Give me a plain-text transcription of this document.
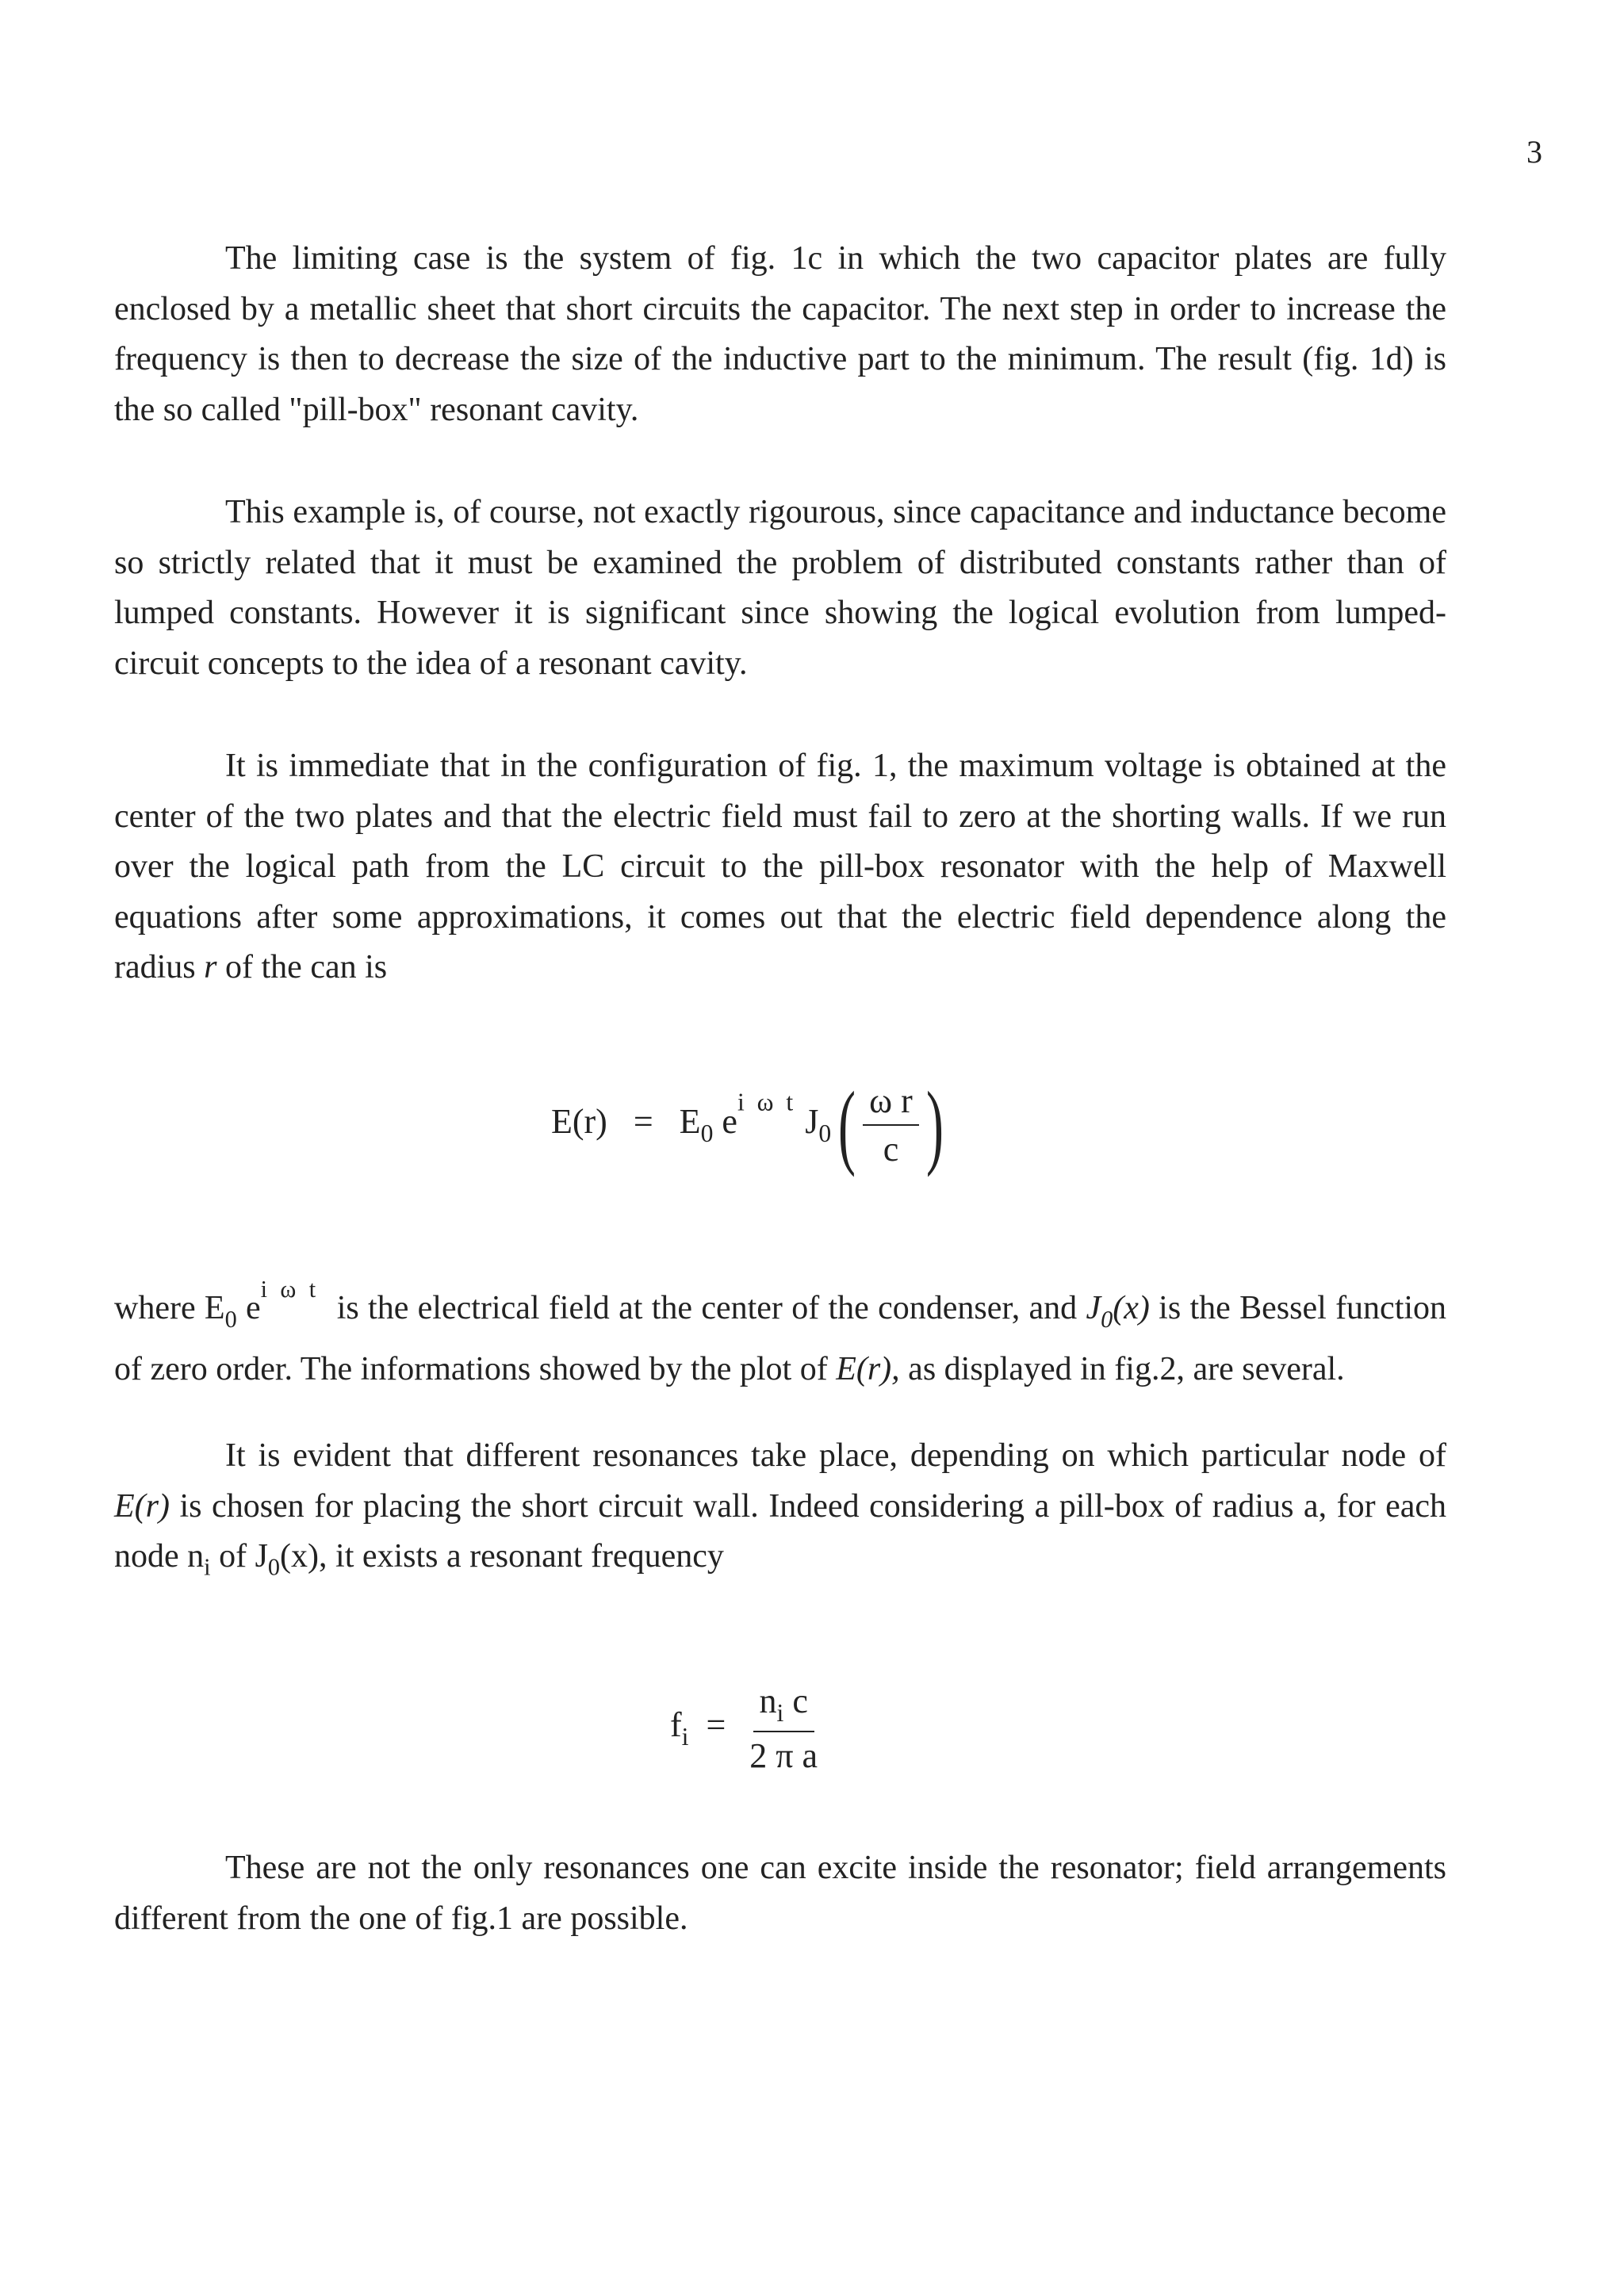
3

The limiting case is the system of fig. 1c in which the two capacitor plates are fully enclosed by a metallic sheet that short circuits the capacitor. The next step in order to increase the frequency is then to decrease the size of the inductive part to the minimum. The result (fig. 1d) is the so called "pill-box" resonant cavity.

This example is, of course, not exactly rigourous, since capacitance and inductance become so strictly related that it must be examined the problem of distributed constants rather than of lumped constants. However it is significant since showing the logical evolution from lumped-circuit concepts to the idea of a resonant cavity.

It is immediate that in the configuration of fig. 1, the maximum voltage is obtained at the center of the two plates and that the electric field must fail to zero at the shorting walls. If we run over the logical path from the LC circuit to the pill-box resonator with the help of Maxwell equations after some approximations, it comes out that the electric field dependence along the radius r of the can is

$E(r) = E_0$ $e^{i \omega t}$ $J_0( \frac{\text{ω r}}{c}$ )

where $E_0$ $e^{i \omega t}$  is the electrical field at the center of the condenser, and $J_0(x)$ is the Bessel function of zero order. The informations showed by the plot of E(r), as displayed in fig.2, are several.

It is evident that different resonances take place, depending on which particular node of E(r) is chosen for placing the short circuit wall. Indeed considering a pill-box of radius a, for each node $n_i$ of $J_0(x)$, it exists a resonant frequency

$f_i = \frac{n_i c}{\text{2 π a}}$

These are not the only resonances one can excite inside the resonator; field arrangements different from the one of fig.1 are possible.
